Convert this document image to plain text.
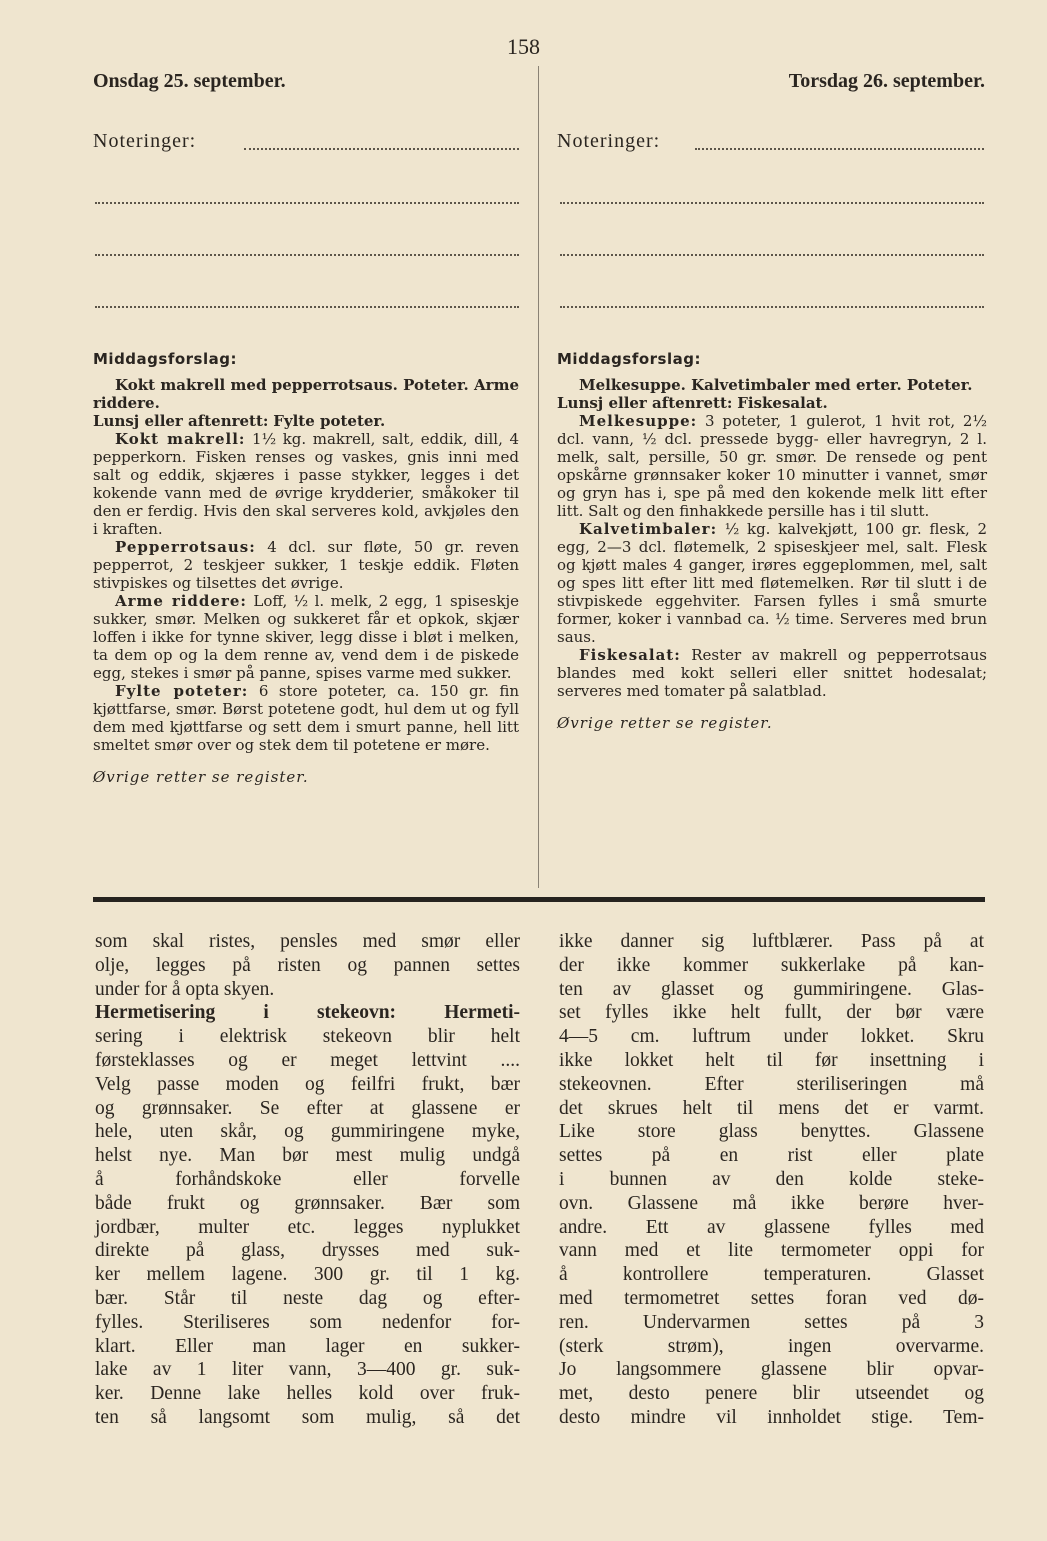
158
Onsdag 25. september.	Torsdag 26. september.
Noteringer:	Noteringer:
Middagsforslag:

Kokt makrell med pepperrotsaus. Poteter. Arme riddere.

Lunsj eller aftenrett: Fylte poteter.

Kokt makrell: 1½ kg. makrell, salt, eddik, dill, 4 pepperkorn. Fisken renses og vaskes, gnis inni med salt og eddik, skjæres i passe stykker, legges i det kokende vann med de øvrige krydderier, småkoker til den er ferdig. Hvis den skal serveres kold, avkjøles den i kraften.

Pepperrotsaus: 4 dcl. sur fløte, 50 gr. reven pepperrot, 2 teskjeer sukker, 1 teskje eddik. Fløten stivpiskes og tilsettes det øvrige.

Arme riddere: Loff, ½ l. melk, 2 egg, 1 spiseskje sukker, smør. Melken og sukkeret får et opkok, skjær loffen i ikke for tynne skiver, legg disse i bløt i melken, ta dem op og la dem renne av, vend dem i de piskede egg, stekes i smør på panne, spises varme med sukker.

Fylte poteter: 6 store poteter, ca. 150 gr. fin kjøttfarse, smør. Børst potetene godt, hul dem ut og fyll dem med kjøttfarse og sett dem i smurt panne, hell litt smeltet smør over og stek dem til potetene er møre.

Øvrige retter se register.

Middagsforslag:

Melkesuppe. Kalvetimbaler med erter. Poteter.

Lunsj eller aftenrett: Fiskesalat.

Melkesuppe: 3 poteter, 1 gulerot, 1 hvit rot, 2½ dcl. vann, ½ dcl. pressede bygg- eller havregryn, 2 l. melk, salt, persille, 50 gr. smør. De rensede og pent opskårne grønnsaker koker 10 minutter i vannet, smør og gryn has i, spe på med den kokende melk litt efter litt. Salt og den finhakkede persille has i til slutt.

Kalvetimbaler: ½ kg. kalvekjøtt, 100 gr. flesk, 2 egg, 2—3 dcl. fløtemelk, 2 spiseskjeer mel, salt. Flesk og kjøtt males 4 ganger, irøres eggeplommen, mel, salt og spes litt efter litt med fløtemelken. Rør til slutt i de stivpiskede eggehviter. Farsen fylles i små smurte former, koker i vannbad ca. ½ time. Serveres med brun saus.

Fiskesalat: Rester av makrell og pepperrotsaus blandes med kokt selleri eller snittet hodesalat; serveres med tomater på salatblad.

Øvrige retter se register.

som skal ristes, pensles med smør eller
olje, legges på risten og pannen settes
under for å opta skyen.
Hermetisering i stekeovn: Hermeti-
sering i elektrisk stekeovn blir helt
førsteklasses og er meget lettvint ....
Velg passe moden og feilfri frukt, bær
og grønnsaker. Se efter at glassene er
hele, uten skår, og gummiringene myke,
helst nye. Man bør mest mulig undgå
å forhåndskoke eller forvelle
både frukt og grønnsaker. Bær som
jordbær, multer etc. legges nyplukket
direkte på glass, drysses med suk-
ker mellem lagene. 300 gr. til 1 kg.
bær. Står til neste dag og efter-
fylles. Steriliseres som nedenfor for-
klart. Eller man lager en sukker-
lake av 1 liter vann, 3—400 gr. suk-
ker. Denne lake helles kold over fruk-
ten så langsomt som mulig, så det
ikke danner sig luftblærer. Pass på at
der ikke kommer sukkerlake på kan-
ten av glasset og gummiringene. Glas-
set fylles ikke helt fullt, der bør være
4—5 cm. luftrum under lokket. Skru
ikke lokket helt til før insettning i
stekeovnen. Efter steriliseringen må
det skrues helt til mens det er varmt.
Like store glass benyttes. Glassene
settes på en rist eller plate
i bunnen av den kolde steke-
ovn. Glassene må ikke berøre hver-
andre. Ett av glassene fylles med
vann med et lite termometer oppi for
å kontrollere temperaturen. Glasset
med termometret settes foran ved dø-
ren. Undervarmen settes på 3
(sterk strøm), ingen overvarme.
Jo langsommere glassene blir opvar-
met, desto penere blir utseendet og
desto mindre vil innholdet stige. Tem-
